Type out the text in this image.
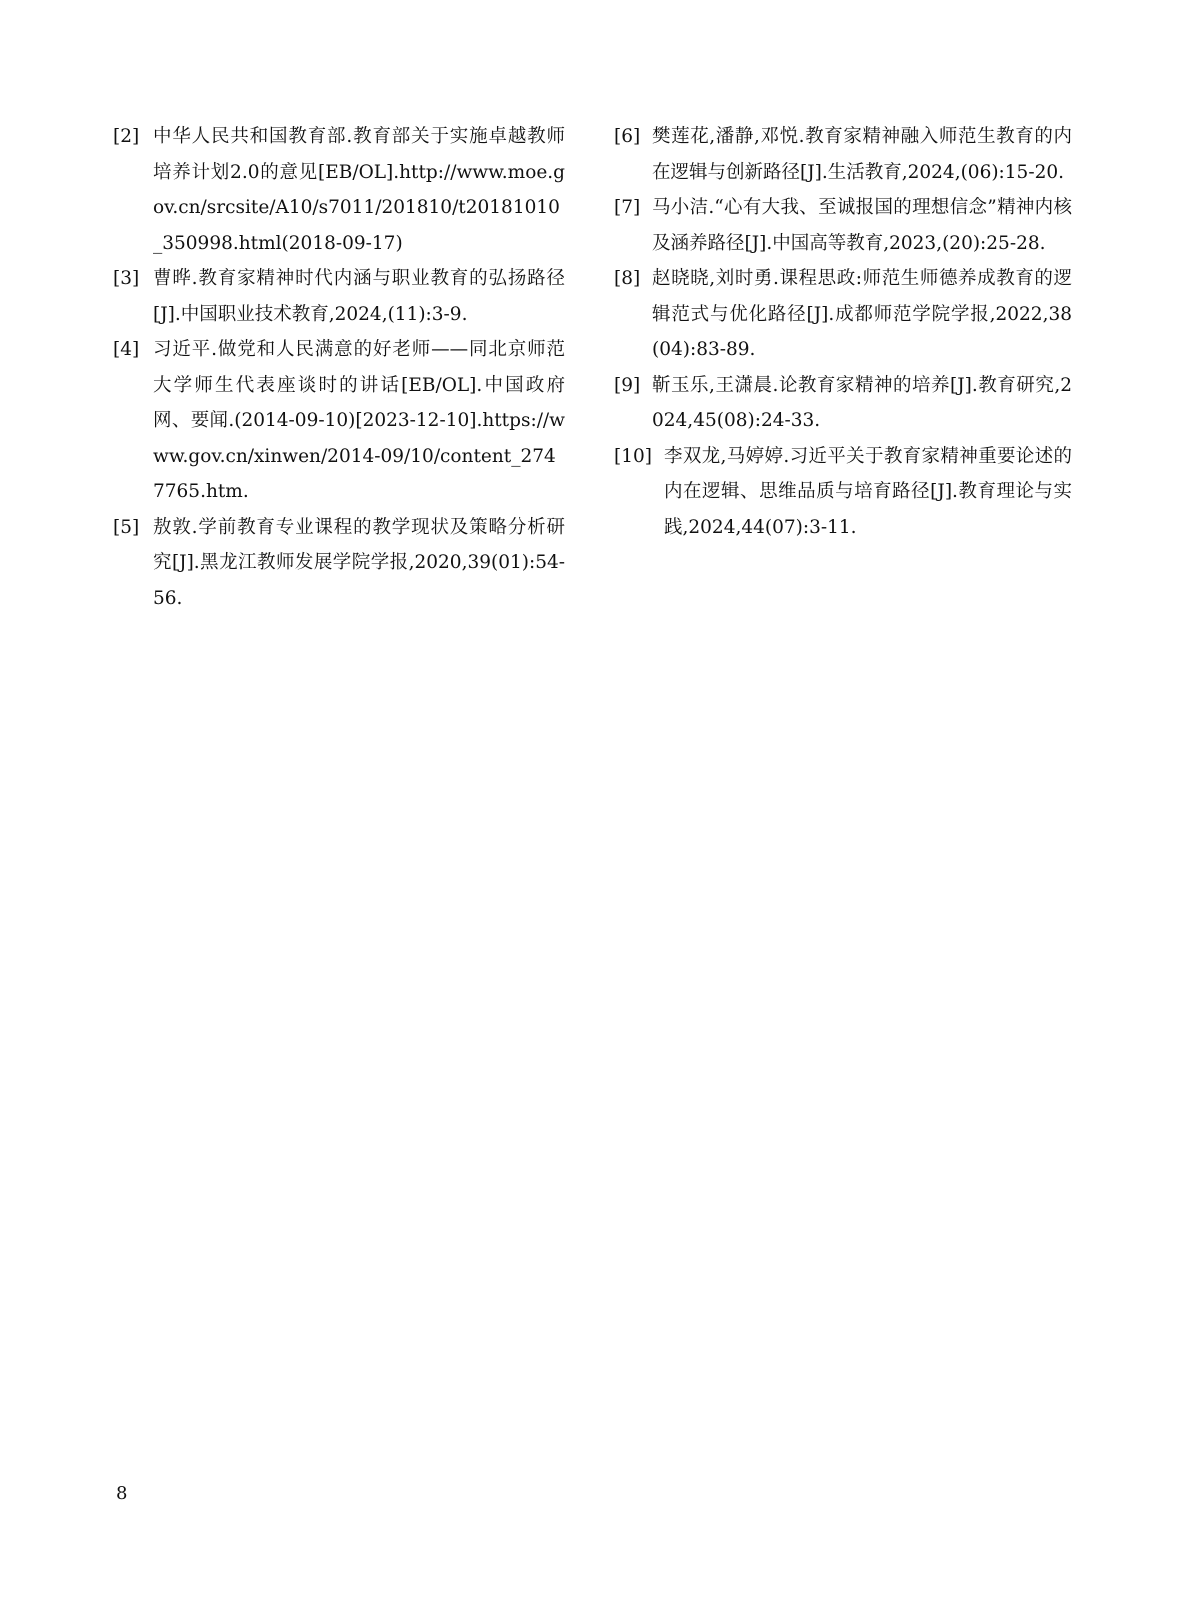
[2] 中华人民共和国教育部.教育部关于实施卓越教师培养计划2.0的意见[EB/OL].http://www.moe.gov.cn/srcsite/A10/s7011/201810/t20181010_350998.html(2018-09-17)
[3] 曹晔.教育家精神时代内涵与职业教育的弘扬路径[J].中国职业技术教育,2024,(11):3-9.
[4] 习近平.做党和人民满意的好老师——同北京师范大学师生代表座谈时的讲话[EB/OL].中国政府网、要闻.(2014-09-10)[2023-12-10].https://www.gov.cn/xinwen/2014-09/10/content_2747765.htm.
[5] 敖敦.学前教育专业课程的教学现状及策略分析研究[J].黑龙江教师发展学院学报,2020,39(01):54-56.
[6] 樊莲花,潘静,邓悦.教育家精神融入师范生教育的内在逻辑与创新路径[J].生活教育,2024,(06):15-20.
[7] 马小洁.“心有大我、至诚报国的理想信念”精神内核及涵养路径[J].中国高等教育,2023,(20):25-28.
[8] 赵晓晓,刘时勇.课程思政:师范生师德养成教育的逻辑范式与优化路径[J].成都师范学院学报,2022,38 (04):83-89.
[9] 靳玉乐,王潇晨.论教育家精神的培养[J].教育研究,2024,45(08):24-33.
[10] 李双龙,马婷婷.习近平关于教育家精神重要论述的内在逻辑、思维品质与培育路径[J].教育理论与实践,2024,44(07):3-11.
8
